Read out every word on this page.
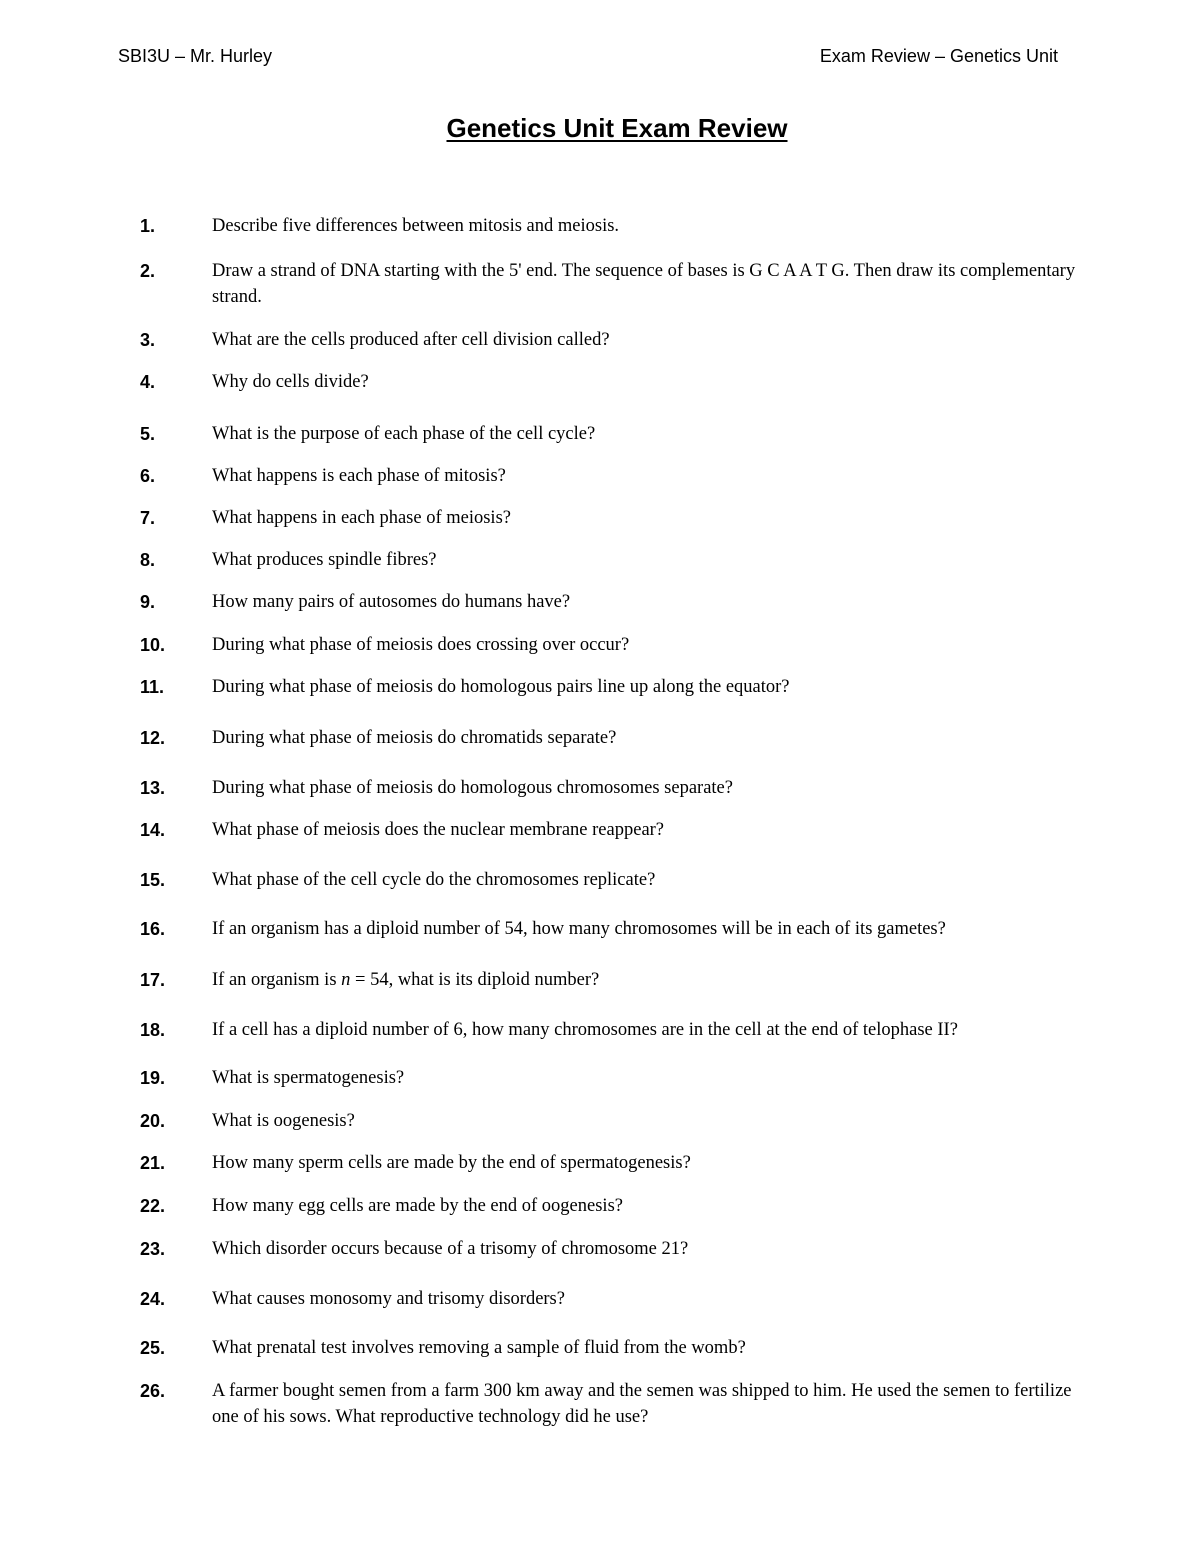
SBI3U – Mr. Hurley	Exam Review – Genetics Unit
Genetics Unit Exam Review
1.	Describe five differences between mitosis and meiosis.
2.	Draw a strand of DNA starting with the 5' end. The sequence of bases is G C A A T G. Then draw its complementary strand.
3.	What are the cells produced after cell division called?
4.	Why do cells divide?
5.	What is the purpose of each phase of the cell cycle?
6.	What happens is each phase of mitosis?
7.	What happens in each phase of meiosis?
8.	What produces spindle fibres?
9.	How many pairs of autosomes do humans have?
10.	During what phase of meiosis does crossing over occur?
11.	During what phase of meiosis do homologous pairs line up along the equator?
12.	During what phase of meiosis do chromatids separate?
13.	During what phase of meiosis do homologous chromosomes separate?
14.	What phase of meiosis does the nuclear membrane reappear?
15.	What phase of the cell cycle do the chromosomes replicate?
16.	If an organism has a diploid number of 54, how many chromosomes will be in each of its gametes?
17.	If an organism is n = 54, what is its diploid number?
18.	If a cell has a diploid number of 6, how many chromosomes are in the cell at the end of telophase II?
19.	What is spermatogenesis?
20.	What is oogenesis?
21.	How many sperm cells are made by the end of spermatogenesis?
22.	How many egg cells are made by the end of oogenesis?
23.	Which disorder occurs because of a trisomy of chromosome 21?
24.	What causes monosomy and trisomy disorders?
25.	What prenatal test involves removing a sample of fluid from the womb?
26.	A farmer bought semen from a farm 300 km away and the semen was shipped to him. He used the semen to fertilize one of his sows. What reproductive technology did he use?
